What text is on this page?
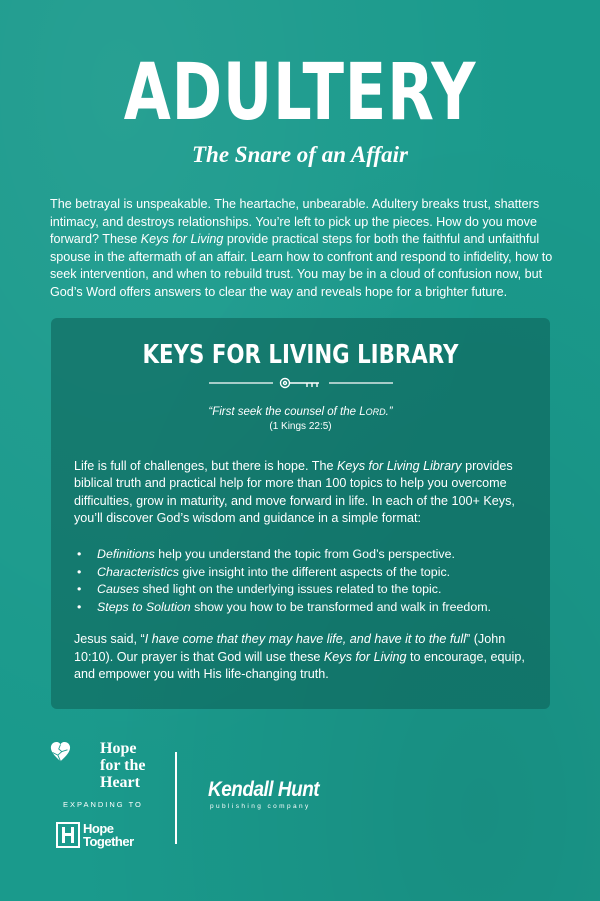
ADULTERY
The Snare of an Affair

The betrayal is unspeakable. The heartache, unbearable. Adultery breaks trust, shatters intimacy, and destroys relationships. You’re left to pick up the pieces. How do you move forward? These Keys for Living provide practical steps for both the faithful and unfaithful spouse in the aftermath of an affair. Learn how to confront and respond to infidelity, how to seek intervention, and when to rebuild trust. You may be in a cloud of confusion now, but God’s Word offers answers to clear the way and reveals hope for a brighter future.

KEYS FOR LIVING LIBRARY
“First seek the counsel of the LORD.”
(1 Kings 22:5)

Life is full of challenges, but there is hope. The Keys for Living Library provides biblical truth and practical help for more than 100 topics to help you overcome difficulties, grow in maturity, and move forward in life. In each of the 100+ Keys, you’ll discover God’s wisdom and guidance in a simple format:

• Definitions help you understand the topic from God’s perspective.
• Characteristics give insight into the different aspects of the topic.
• Causes shed light on the underlying issues related to the topic.
• Steps to Solution show you how to be transformed and walk in freedom.

Jesus said, “I have come that they may have life, and have it to the full” (John 10:10). Our prayer is that God will use these Keys for Living to encourage, equip, and empower you with His life-changing truth.

Hope
for the
Heart
EXPANDING TO
Hope
Together
Kendall Hunt
publishing company
